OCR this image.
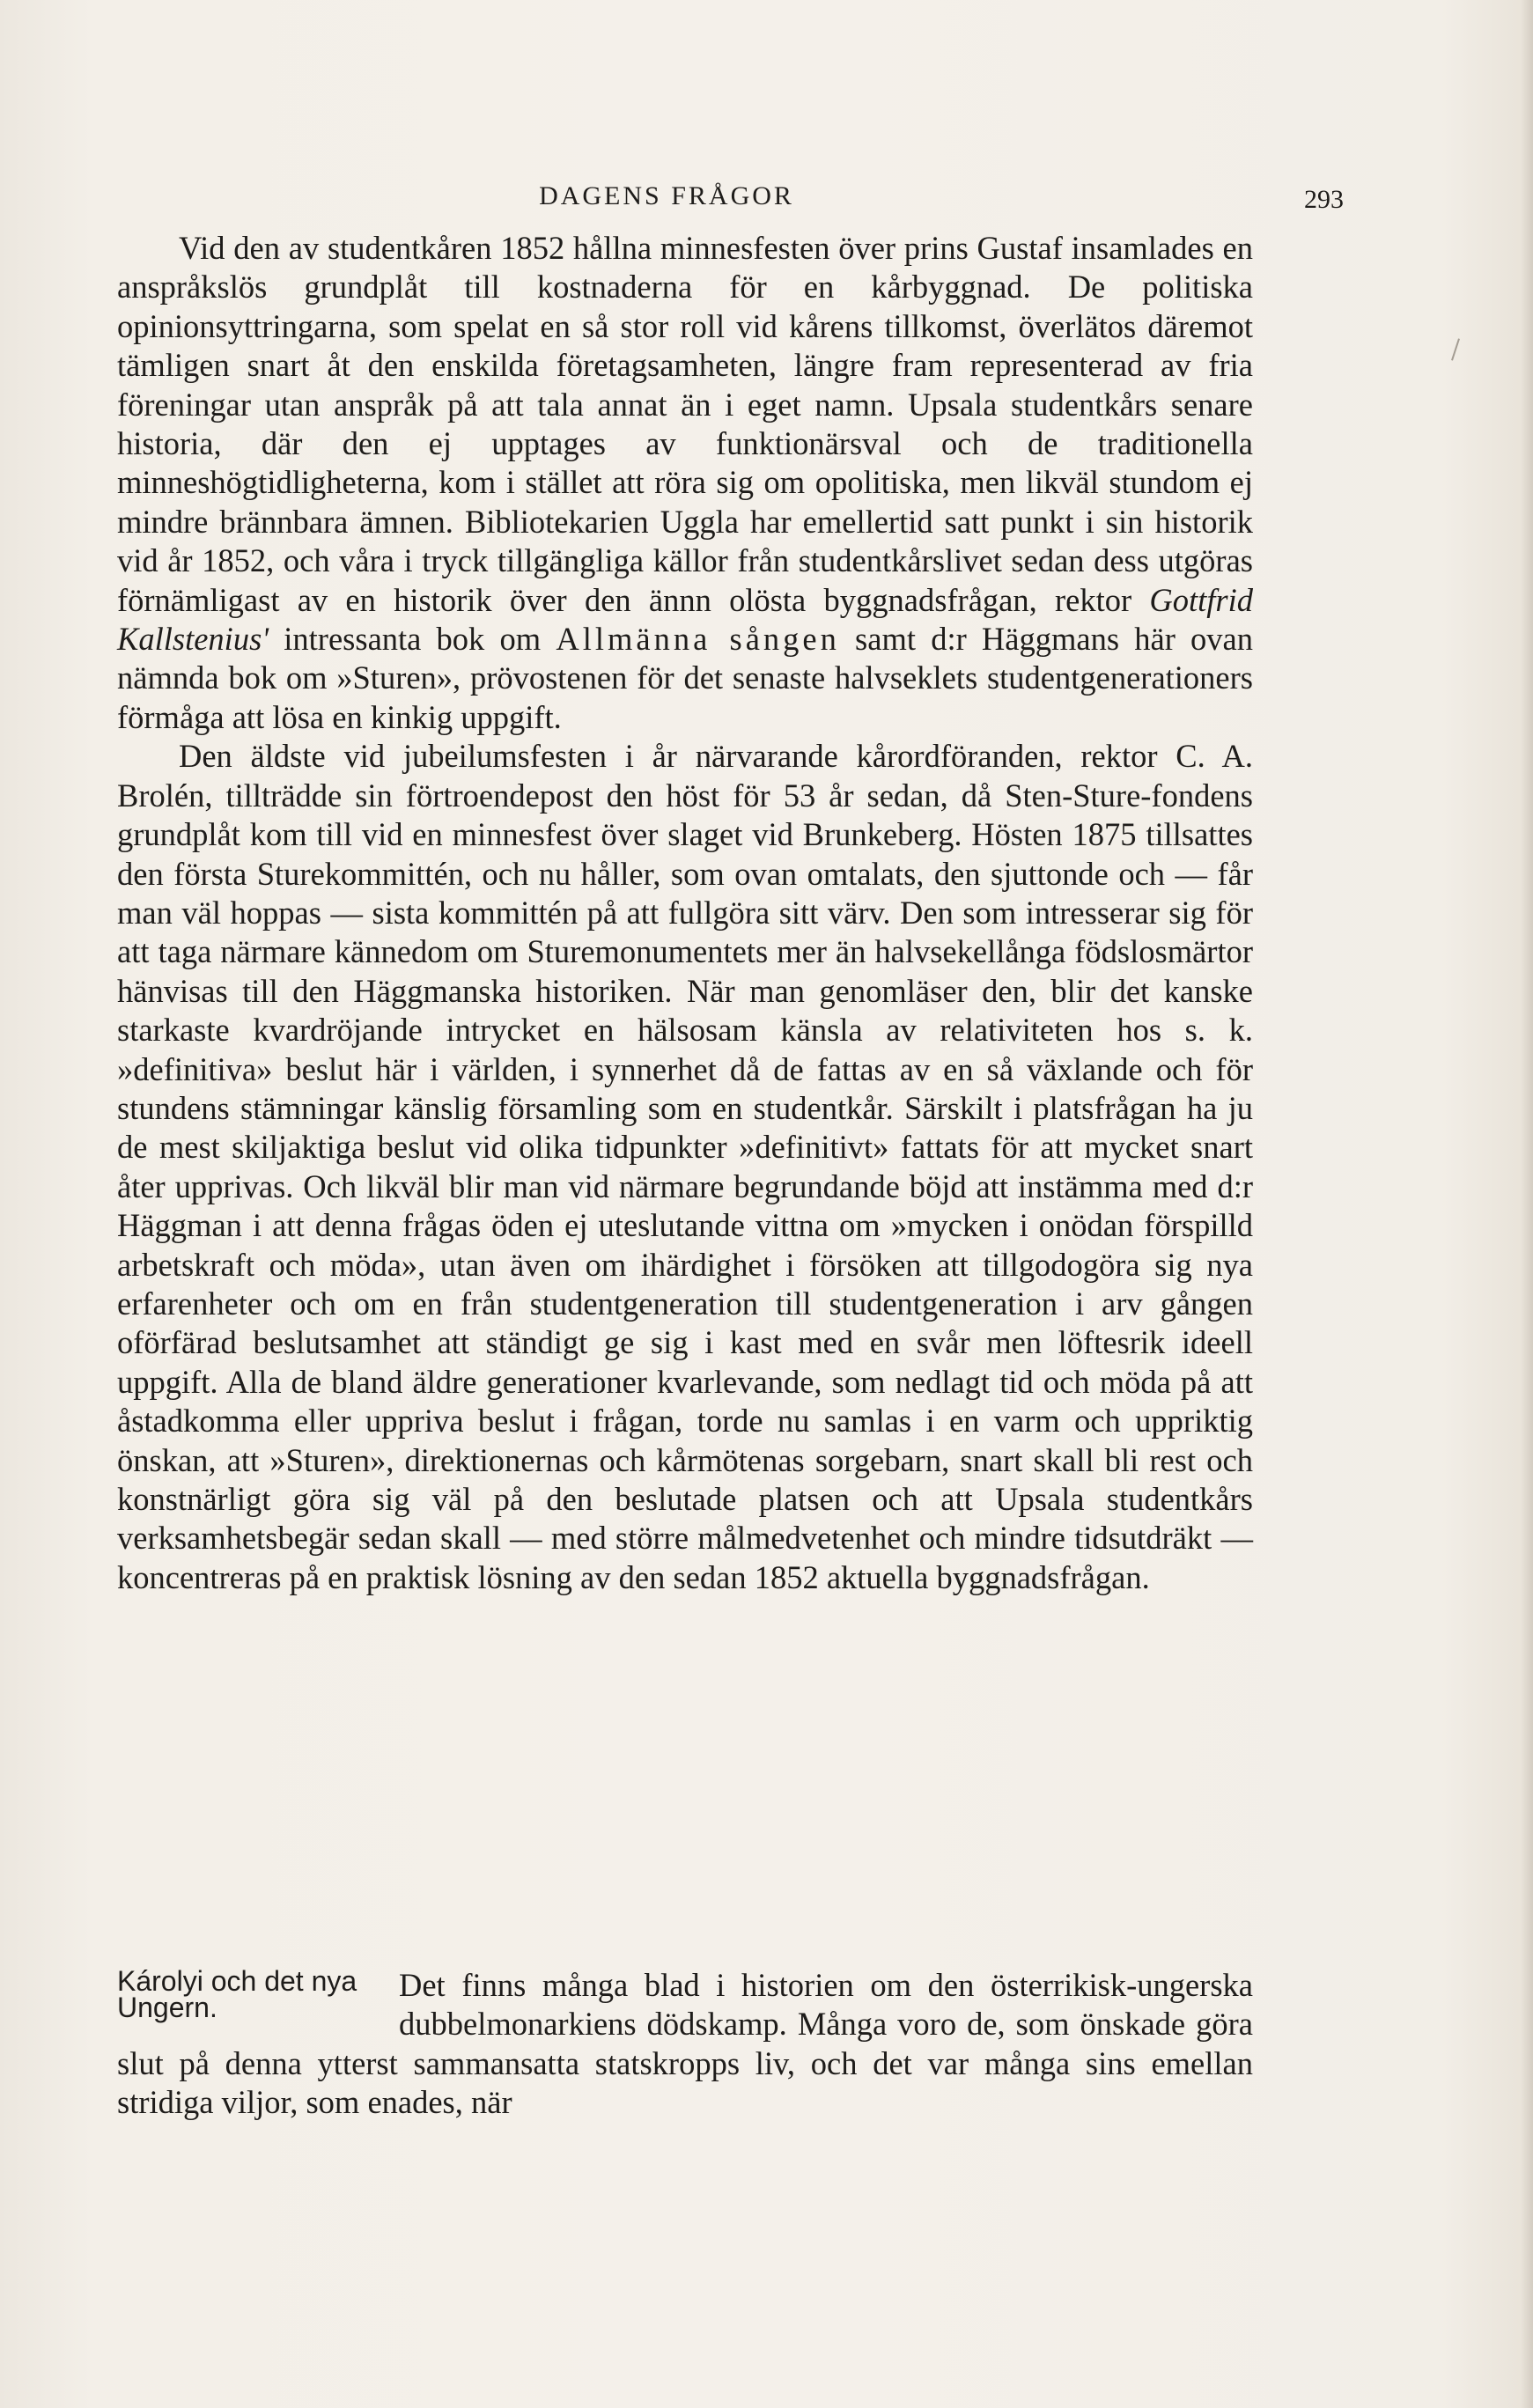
DAGENS FRÅGOR	293

Vid den av studentkåren 1852 hållna minnesfesten över prins Gustaf insamlades en anspråkslös grundplåt till kostnaderna för en kårbyggnad. De politiska opinionsyttringarna, som spelat en så stor roll vid kårens tillkomst, överlätos däremot tämligen snart åt den enskilda företagsamheten, längre fram representerad av fria föreningar utan anspråk på att tala annat än i eget namn. Upsala studentkårs senare historia, där den ej upptages av funktionärsval och de traditionella minneshögtidligheterna, kom i stället att röra sig om opolitiska, men likväl stundom ej mindre brännbara ämnen. Bibliotekarien Uggla har emellertid satt punkt i sin historik vid år 1852, och våra i tryck tillgängliga källor från studentkårslivet sedan dess utgöras förnämligast av en historik över den ännn olösta byggnadsfrågan, rektor Gottfrid Kallstenius' intressanta bok om Allmänna sången samt d:r Häggmans här ovan nämnda bok om »Sturen», prövostenen för det senaste halvseklets studentgenerationers förmåga att lösa en kinkig uppgift.

Den äldste vid jubeilumsfesten i år närvarande kårordföranden, rektor C. A. Brolén, tillträdde sin förtroendepost den höst för 53 år sedan, då Sten-Sture-fondens grundplåt kom till vid en minnesfest över slaget vid Brunkeberg. Hösten 1875 tillsattes den första Sturekommittén, och nu håller, som ovan omtalats, den sjuttonde och — får man väl hoppas — sista kommittén på att fullgöra sitt värv. Den som intresserar sig för att taga närmare kännedom om Sturemonumentets mer än halvsekellånga födslosmärtor hänvisas till den Häggmanska historiken. När man genomläser den, blir det kanske starkaste kvardröjande intrycket en hälsosam känsla av relativiteten hos s. k. »definitiva» beslut här i världen, i synnerhet då de fattas av en så växlande och för stundens stämningar känslig församling som en studentkår. Särskilt i platsfrågan ha ju de mest skiljaktiga beslut vid olika tidpunkter »definitivt» fattats för att mycket snart åter upprivas. Och likväl blir man vid närmare begrundande böjd att instämma med d:r Häggman i att denna frågas öden ej uteslutande vittna om »mycken i onödan förspilld arbetskraft och möda», utan även om ihärdighet i försöken att tillgodogöra sig nya erfarenheter och om en från studentgeneration till studentgeneration i arv gången oförfärad beslutsamhet att ständigt ge sig i kast med en svår men löftesrik ideell uppgift. Alla de bland äldre generationer kvarlevande, som nedlagt tid och möda på att åstadkomma eller uppriva beslut i frågan, torde nu samlas i en varm och uppriktig önskan, att »Sturen», direktionernas och kårmötenas sorgebarn, snart skall bli rest och konstnärligt göra sig väl på den beslutade platsen och att Upsala studentkårs verksamhetsbegär sedan skall — med större målmedvetenhet och mindre tidsutdräkt — koncentreras på en praktisk lösning av den sedan 1852 aktuella byggnadsfrågan.

Károlyi och det nya Ungern.

Det finns många blad i historien om den österrikisk-ungerska dubbelmonarkiens dödskamp. Många voro de, som önskade göra slut på denna ytterst sammansatta statskropps liv, och det var många sins emellan stridiga viljor, som enades, när
